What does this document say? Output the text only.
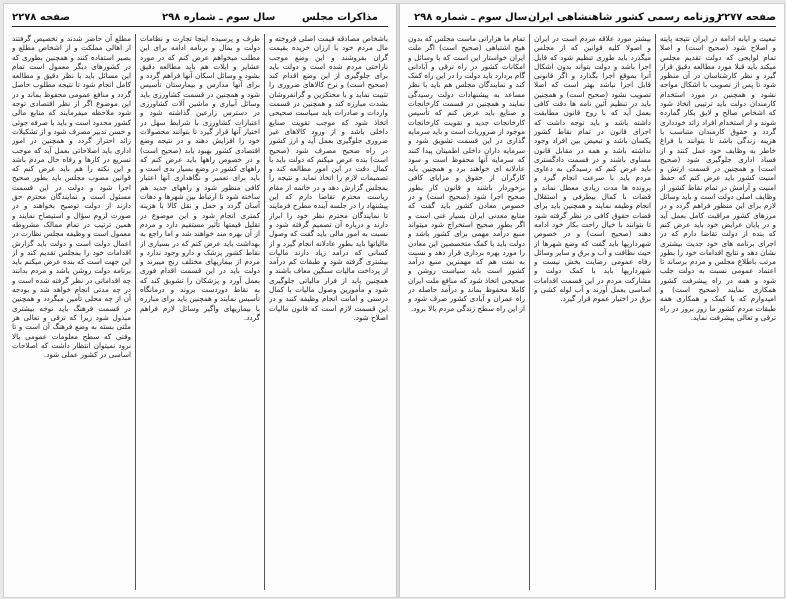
صفحه ۲۲۷۸	سال سوم ـ شماره ۲۹۸	مذاکرات مجلس

مطلع آن حاضر شدند و تخصیص گرفتند از اهالی مملکت و از اشخاص مطلع و بصیر استفاده کنند و همچنین بطوری که در کشورهای دیگر معمول است تمام این مسائل باید با نظر دقیق و مطالعه کامل انجام شود تا نتیجه مطلوب حاصل گردد و منافع عمومی محفوظ بماند و در این موضوع اگر از نظر اقتصادی توجه شود ملاحظه میفرمایند که منابع مالی کشور محدود است و باید با صرفه جوئی و حسن تدبیر مصرف شود و از تشکیلات زائد احتراز گردد و همچنین در امور اداری باید اصلاحاتی بعمل آید که موجب تسریع در کارها و رفاه حال مردم باشد و این نکته را هم باید عرض کنم که قوانین مصوب مجلس باید بطور صحیح اجرا شود و دولت در این قسمت مسئول است و نمایندگان محترم حق دارند از دولت توضیح بخواهند و در صورت لزوم سؤال و استیضاح نمایند و همین ترتیب در تمام ممالک مشروطه معمول است و وظیفه مجلس نظارت در اعمال دولت است و دولت باید گزارش اقدامات خود را بمجلس تقدیم کند و از این جهت است که بنده عرض میکنم باید برنامه دولت روشن باشد و مردم بدانند چه اقداماتی در نظر گرفته شده است و در چه مدتی انجام خواهد شد و بودجه آن از چه محلی تأمین میگردد و همچنین در قسمت فرهنگ باید توجه بیشتری مبذول شود زیرا که ترقی و تعالی هر ملتی بسته به وضع فرهنگ آن است و تا وقتی که سطح معلومات عمومی بالا نرود نمیتوان انتظار داشت که اصلاحات اساسی در کشور عملی شود.

طرف و پرسیده اینجا تجارت و نظامات دولت و بمال و برنامه ادامه برای این مطلب میخواهم عرض کنم که در مورد عشایر و ایلات هم باید مطالعه دقیق بشود و وسائل اسکان آنها فراهم گردد و برای آنها مدارس و بیمارستان تأسیس شود و همچنین در قسمت کشاورزی باید وسائل آبیاری و ماشین آلات کشاورزی در دسترس زارعین گذاشته شود و اعتبارات کشاورزی با شرایط سهل در اختیار آنها قرار گیرد تا بتوانند محصولات خود را افزایش دهند و در نتیجه وضع اقتصادی کشور بهبود یابد (صحیح است) و در خصوص راهها باید عرض کنم که راههای کشور در وضع بسیار بدی است و باید برای تعمیر و نگاهداری آنها اعتبار کافی منظور شود و راههای جدید هم ساخته شود تا ارتباط بین شهرها و دهات آسان گردد و حمل و نقل کالا با هزینه کمتری انجام شود و این موضوع در تقلیل قیمتها تأثیر مستقیم دارد و مردم از آن بهره مند خواهند شد و اما راجع به بهداشت باید عرض کنم که در بسیاری از نقاط کشور پزشک و دارو وجود ندارد و مردم از بیماریهای مختلف رنج میبرند و دولت باید در این قسمت اقدام فوری بعمل آورد و پزشکان را تشویق کند که به نقاط دوردست بروند و درمانگاه تأسیس نمایند و همچنین باید برای مبارزه با بیماریهای واگیر وسائل لازم فراهم گردد.

باشخاص مصادقه قیمت اصلی فروخته و مال مردم خود با ارزان خریده بقیمت گران بفروشند و این وضع موجب ناراحتی مردم شده است و دولت باید برای جلوگیری از این وضع اقدام کند (صحیح است) و نرخ کالاهای ضروری را تثبیت نماید و با محتکرین و گرانفروشان بشدت مبارزه کند و همچنین در قسمت واردات و صادرات باید سیاست صحیحی اتخاذ شود که موجب تقویت صنایع داخلی باشد و از ورود کالاهای غیر ضروری جلوگیری بعمل آید و ارز کشور در راه صحیح مصرف شود (صحیح است) بنده عرض میکنم که دولت باید با کمال دقت در این امور مطالعه کند و تصمیمات لازم را اتخاذ نماید و نتیجه را بمجلس گزارش دهد و در خاتمه از مقام ریاست محترم تقاضا دارم که این پیشنهاد را در جلسه آینده مطرح فرمایند تا نمایندگان محترم نظر خود را ابراز دارند و درباره آن تصمیم گرفته شود و نسبت به امور مالی باید گفت که وصول مالیاتها باید بطور عادلانه انجام گیرد و از کسانی که درآمد زیاد دارند مالیات بیشتری گرفته شود و طبقات کم درآمد از پرداخت مالیات سنگین معاف باشند و همچنین باید از فرار مالیاتی جلوگیری شود و مأمورین وصول مالیات با کمال درستی و امانت انجام وظیفه کنند و در این قسمت لازم است که قانون مالیات اصلاح شود.

سال سوم ـ شماره ۲۹۸ روزنامه رسمی کشور شاهنشاهی ایران
صفحه ۲۲۷۷

تمام ما هزارانی ماست مجلس که بدون هیچ اشتباهی (صحیح است) اگر ملت ایران خواستار این است که با وسائل و امکانات کشور در راه ترقی و آبادانی گام بردارد باید دولت را در این راه کمک کند و نمایندگان مجلس هم باید با نظر مساعد به پیشنهادات دولت رسیدگی نمایند و همچنین در قسمت کارخانجات و صنایع باید عرض کنم که تأسیس کارخانجات جدید و تقویت کارخانجات موجود از ضروریات است و باید سرمایه گذاری در این قسمت تشویق شود و سرمایه داران داخلی اطمینان پیدا کنند که سرمایه آنها محفوظ است و سود عادلانه ای خواهند برد و همچنین باید کارگران از حقوق و مزایای کافی برخوردار باشند و قانون کار بطور صحیح اجرا شود (صحیح است) و در خصوص معادن کشور باید گفت که منابع معدنی ایران بسیار غنی است و اگر بطور صحیح استخراج شود میتواند منبع درآمد مهمی برای کشور باشد و دولت باید با کمک متخصصین این معادن را مورد بهره برداری قرار دهد و نسبت به نفت هم که مهمترین منبع درآمد کشور است باید سیاست روشن و صحیحی اتخاذ شود که منافع ملت ایران کاملا محفوظ بماند و درآمد حاصله در راه عمران و آبادی کشور صرف شود و از این راه سطح زندگی مردم بالا برود.

بیشتر مورد علاقه مردم است در ایران و اصولا کلیه قوانین که از مجلس میگذرد باید طوری تنظیم شود که قابل اجرا باشد و دولت بتواند بدون اشکال آنرا بموقع اجرا بگذارد و اگر قانونی قابل اجرا نباشد بهتر است که اصلا تصویب نشود (صحیح است) و همچنین باید در تنظیم آئین نامه ها دقت کافی بعمل آید که با روح قانون مطابقت داشته باشد و باید توجه داشت که اجرای قانون در تمام نقاط کشور یکسان باشد و تبعیض بین افراد وجود نداشته باشد و همه در مقابل قانون مساوی باشند و در قسمت دادگستری باید عرض کنم که رسیدگی به دعاوی مردم باید با سرعت انجام گیرد و پرونده ها مدت زیادی معطل نماند و قضات با کمال بیطرفی و استقلال انجام وظیفه نمایند و همچنین باید برای قضات حقوق کافی در نظر گرفته شود تا بتوانند با خیال راحت بکار خود ادامه دهند (صحیح است) و در خصوص شهرداریها باید گفت که وضع شهرها از حیث نظافت و آب و برق و سایر وسائل رفاه عمومی رضایت بخش نیست و شهرداریها باید با کمک دولت و مشارکت مردم در این قسمت اقدامات اساسی بعمل آورند و آب لوله کشی و برق در اختیار عموم قرار گیرد.

تبعیت و ایابه ادامه در ایران نتیجه پایته و اصلاح شود (صحیح است) و اصلا تمام لوایحی که دولت تقدیم مجلس میکند باید قبلا مورد مطالعه دقیق قرار گیرد و نظر کارشناسان در آن منظور شود تا پس از تصویب با اشکال مواجه نشود و همچنین در مورد استخدام کارمندان دولت باید ترتیبی اتخاذ شود که اشخاص صالح و لایق بکار گمارده شوند و از استخدام افراد زائد خودداری گردد و حقوق کارمندان متناسب با هزینه زندگی باشد تا بتوانند با فراغ خاطر به وظایف خود عمل کنند و از فساد اداری جلوگیری شود (صحیح است) و همچنین در قسمت ارتش و امنیت کشور باید عرض کنم که حفظ امنیت و آرامش در تمام نقاط کشور از وظایف اصلی دولت است و باید وسائل لازم برای این منظور فراهم گردد و در مرزهای کشور مراقبت کامل بعمل آید و در پایان عرایض خود باید عرض کنم که بنده از دولت تقاضا دارم که در اجرای برنامه های خود جدیت بیشتری نشان دهد و نتایج اقدامات خود را بطور مرتب باطلاع مجلس و مردم برساند تا اعتماد عمومی نسبت به دولت جلب شود و همه در راه پیشرفت کشور همکاری نمایند (صحیح است) و امیدوارم که با کمک و همکاری همه طبقات مردم کشور ما روز بروز در راه ترقی و تعالی پیشرفت نماید.
